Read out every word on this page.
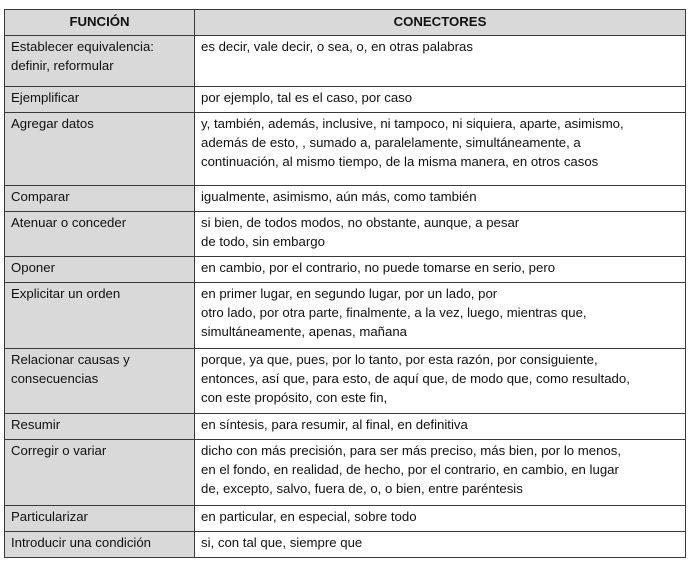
FUNCIÓN	CONECTORES
Establecer equivalencia:
definir, reformular	es decir, vale decir, o sea, o, en otras palabras
Ejemplificar	por ejemplo, tal es el caso, por caso
Agregar datos	y, también, además, inclusive, ni tampoco, ni siquiera, aparte, asimismo,
además de esto, , sumado a, paralelamente, simultáneamente, a
continuación, al mismo tiempo, de la misma manera, en otros casos
Comparar	igualmente, asimismo, aún más, como también
Atenuar o conceder	si bien, de todos modos, no obstante, aunque, a pesar
de todo, sin embargo
Oponer	en cambio, por el contrario, no puede tomarse en serio, pero
Explicitar un orden	en primer lugar, en segundo lugar, por un lado, por
otro lado, por otra parte, finalmente, a la vez, luego, mientras que,
simultáneamente, apenas, mañana
Relacionar causas y
consecuencias	porque, ya que, pues, por lo tanto, por esta razón, por consiguiente,
entonces, así que, para esto, de aquí que, de modo que, como resultado,
con este propósito, con este fin,
Resumir	en síntesis, para resumir, al final, en definitiva
Corregir o variar	dicho con más precisión, para ser más preciso, más bien, por lo menos,
en el fondo, en realidad, de hecho, por el contrario, en cambio, en lugar
de, excepto, salvo, fuera de, o, o bien, entre paréntesis
Particularizar	en particular, en especial, sobre todo
Introducir una condición	si, con tal que, siempre que
